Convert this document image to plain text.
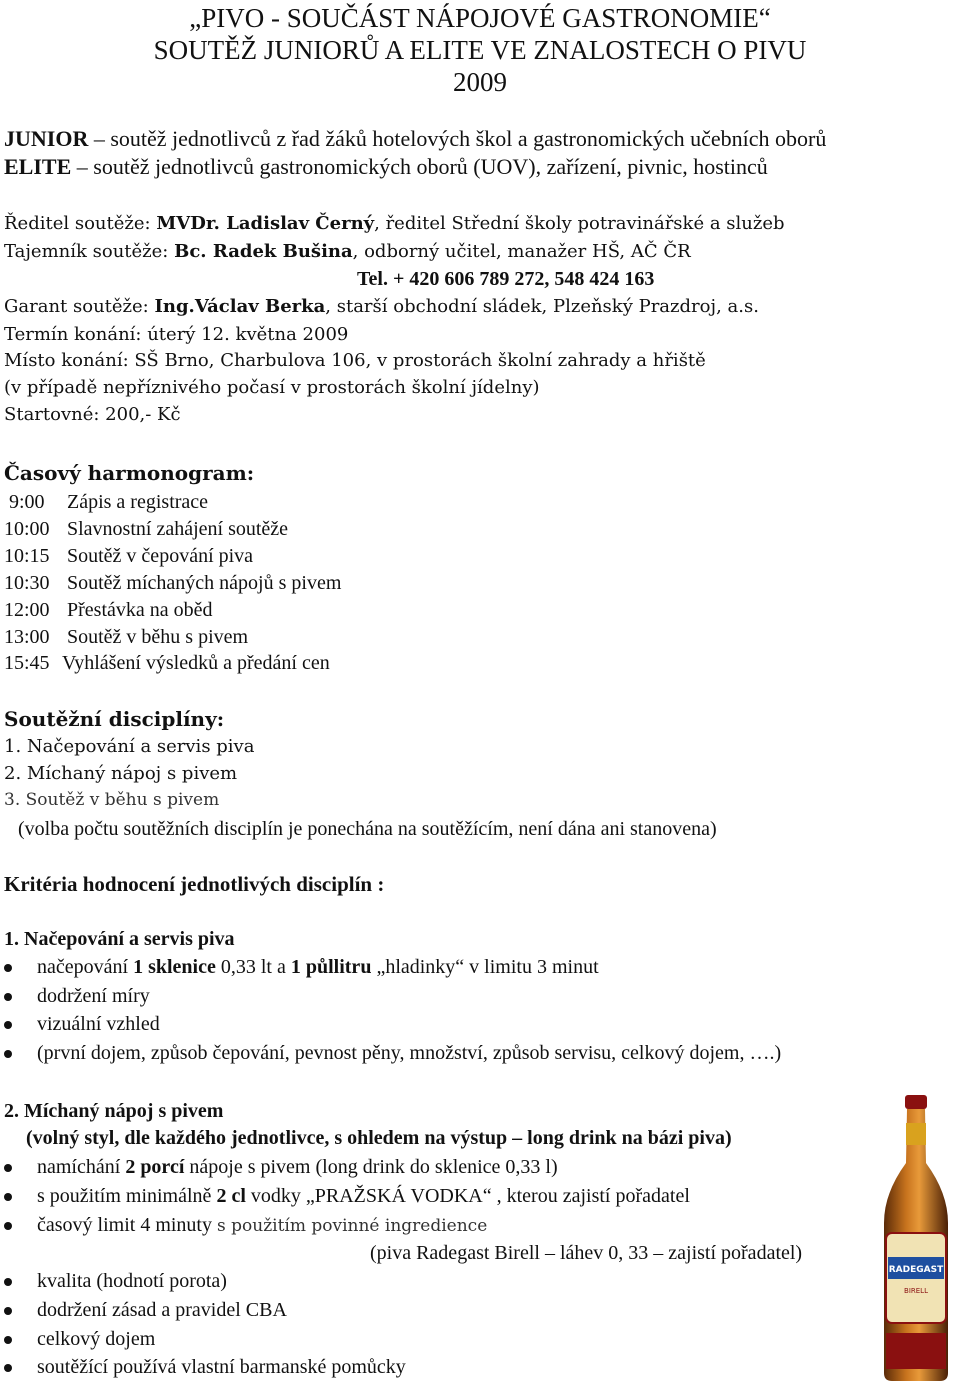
„PIVO - SOUČÁST NÁPOJOVÉ GASTRONOMIE“
SOUTĚŽ JUNIORŮ A ELITE VE ZNALOSTECH O PIVU
2009
JUNIOR – soutěž jednotlivců z řad žáků hotelových škol a gastronomických učebních oborů
ELITE – soutěž jednotlivců gastronomických oborů (UOV), zařízení, pivnic, hostinců
Ředitel soutěže: MVDr. Ladislav Černý, ředitel Střední školy potravinářské a služeb
Tajemník soutěže: Bc. Radek Bušina, odborný učitel, manažer HŠ, AČ ČR
Tel. + 420 606 789 272, 548 424 163
Garant soutěže: Ing.Václav Berka, starší obchodní sládek, Plzeňský Prazdroj, a.s.
Termín konání: úterý 12. května 2009
Místo konání: SŠ Brno, Charbulova 106, v prostorách školní zahrady a hřiště
(v případě nepříznivého počasí v prostorách školní jídelny)
Startovné: 200,- Kč
Časový harmonogram:
9:00 Zápis a registrace
10:00 Slavnostní zahájení soutěže
10:15 Soutěž v čepování piva
10:30 Soutěž míchaných nápojů s pivem
12:00 Přestávka na oběd
13:00 Soutěž v běhu s pivem
15:45 Vyhlášení výsledků a předání cen
Soutěžní disciplíny:
1. Načepování a servis piva
2. Míchaný nápoj s pivem
3. Soutěž v běhu s pivem
(volba počtu soutěžních disciplín je ponechána na soutěžícím, není dána ani stanovena)
Kritéria hodnocení jednotlivých disciplín :
1. Načepování a servis piva
načepování 1 sklenice 0,33 lt a 1 půllitru „hladinky“ v limitu 3 minut
dodržení míry
vizuální vzhled
(první dojem, způsob čepování, pevnost pěny, množství, způsob servisu, celkový dojem, ….)
2. Míchaný nápoj s pivem
(volný styl, dle každého jednotlivce, s ohledem na výstup – long drink na bázi piva)
namíchání 2 porcí nápoje s pivem (long drink do sklenice 0,33 l)
s použitím minimálně 2 cl vodky „PRAŽSKÁ VODKA“ , kterou zajistí pořadatel
časový limit 4 minuty s použitím povinné ingredience
(piva Radegast Birell – láhev 0, 33 – zajistí pořadatel)
kvalita (hodnotí porota)
dodržení zásad a pravidel CBA
celkový dojem
soutěžící používá vlastní barmanské pomůcky
RADEGAST
BIRELL
